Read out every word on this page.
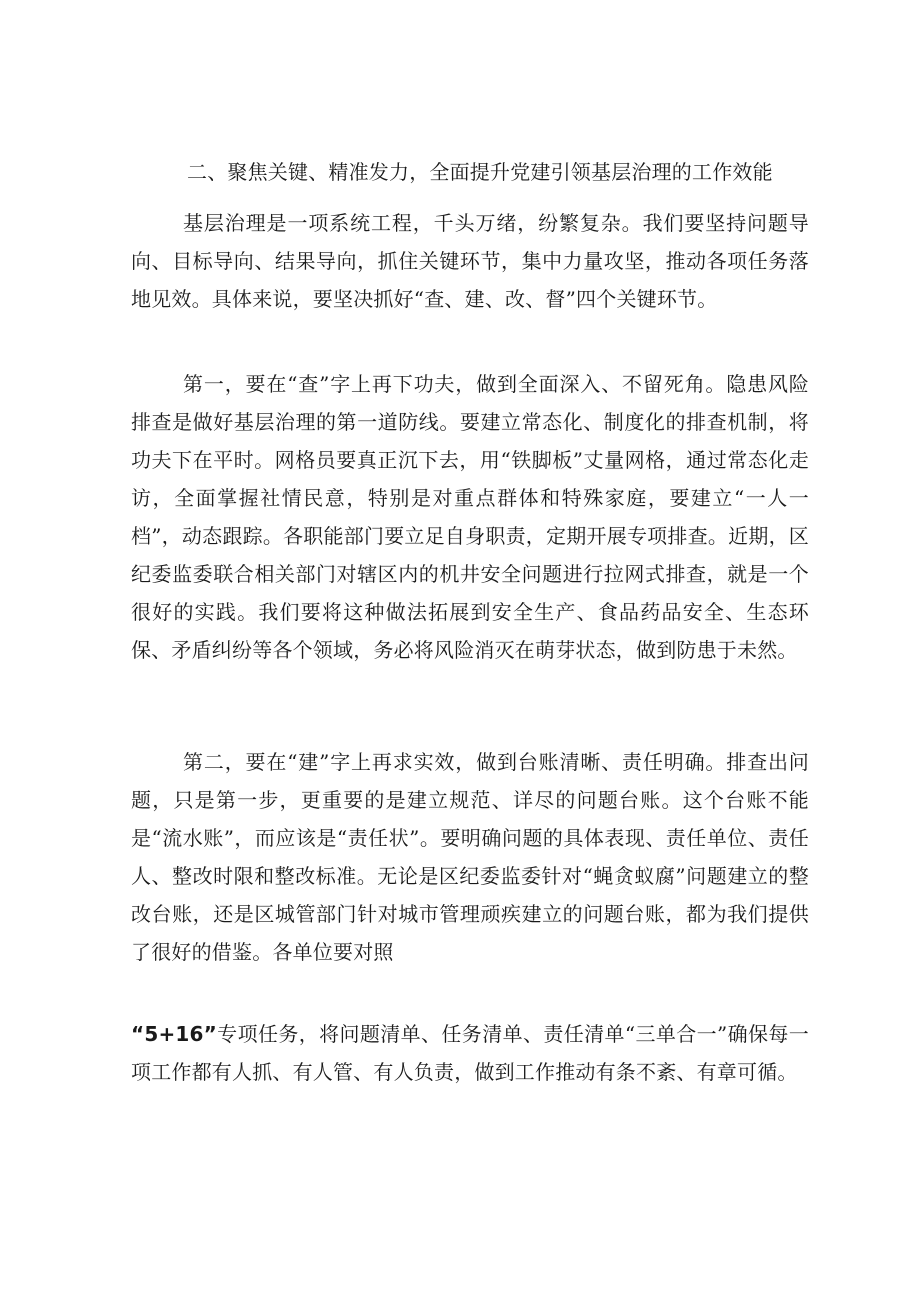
二、聚焦关键、精准发力，全面提升党建引领基层治理的工作效能

基层治理是一项系统工程，千头万绪，纷繁复杂。我们要坚持问题导向、目标导向、结果导向，抓住关键环节，集中力量攻坚，推动各项任务落地见效。具体来说，要坚决抓好“查、建、改、督”四个关键环节。

第一，要在“查”字上再下功夫，做到全面深入、不留死角。隐患风险排查是做好基层治理的第一道防线。要建立常态化、制度化的排查机制，将功夫下在平时。网格员要真正沉下去，用“铁脚板”丈量网格，通过常态化走访，全面掌握社情民意，特别是对重点群体和特殊家庭，要建立“一人一档”，动态跟踪。各职能部门要立足自身职责，定期开展专项排查。近期，区纪委监委联合相关部门对辖区内的机井安全问题进行拉网式排查，就是一个很好的实践。我们要将这种做法拓展到安全生产、食品药品安全、生态环保、矛盾纠纷等各个领域，务必将风险消灭在萌芽状态，做到防患于未然。

第二，要在“建”字上再求实效，做到台账清晰、责任明确。排查出问题，只是第一步，更重要的是建立规范、详尽的问题台账。这个台账不能是“流水账”，而应该是“责任状”。要明确问题的具体表现、责任单位、责任人、整改时限和整改标准。无论是区纪委监委针对“蝇贪蚁腐”问题建立的整改台账，还是区城管部门针对城市管理顽疾建立的问题台账，都为我们提供了很好的借鉴。各单位要对照

“5+16”专项任务，将问题清单、任务清单、责任清单“三单合一”确保每一项工作都有人抓、有人管、有人负责，做到工作推动有条不紊、有章可循。
